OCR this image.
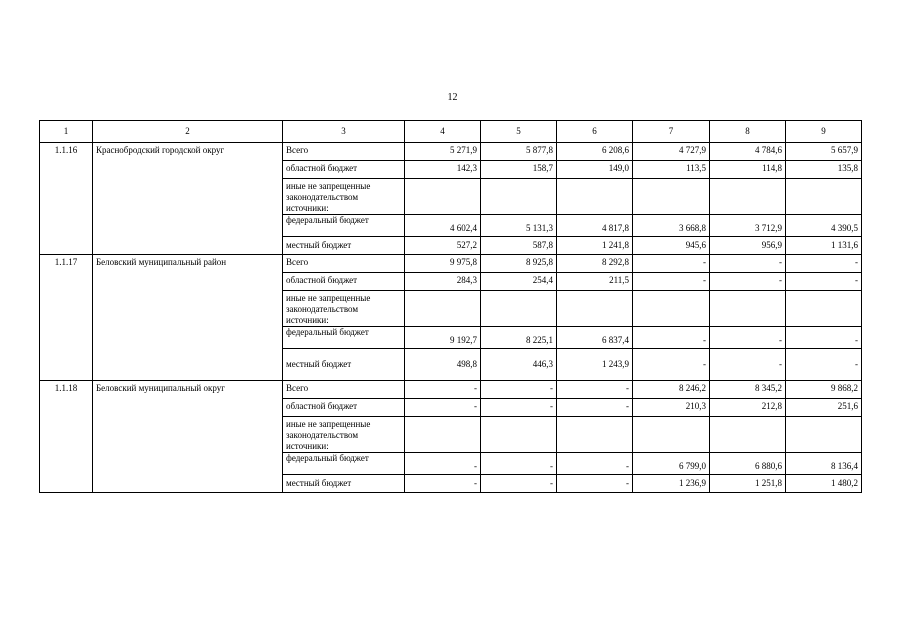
12
1	2	3	4	5	6	7	8	9
1.1.16	Краснобродский городской округ	Всего	5 271,9	5 877,8	6 208,6	4 727,9	4 784,6	5 657,9
		областной бюджет	142,3	158,7	149,0	113,5	114,8	135,8
		иные не запрещенные законодательством источники:						
		федеральный бюджет	4 602,4	5 131,3	4 817,8	3 668,8	3 712,9	4 390,5
		местный бюджет	527,2	587,8	1 241,8	945,6	956,9	1 131,6
1.1.17	Беловский муниципальный район	Всего	9 975,8	8 925,8	8 292,8	-	-	-
		областной бюджет	284,3	254,4	211,5	-	-	-
		иные не запрещенные законодательством источники:						
		федеральный бюджет	9 192,7	8 225,1	6 837,4	-	-	-
		местный бюджет	498,8	446,3	1 243,9	-	-	-
1.1.18	Беловский муниципальный округ	Всего	-	-	-	8 246,2	8 345,2	9 868,2
		областной бюджет	-	-	-	210,3	212,8	251,6
		иные не запрещенные законодательством источники:						
		федеральный бюджет	-	-	-	6 799,0	6 880,6	8 136,4
		местный бюджет	-	-	-	1 236,9	1 251,8	1 480,2
